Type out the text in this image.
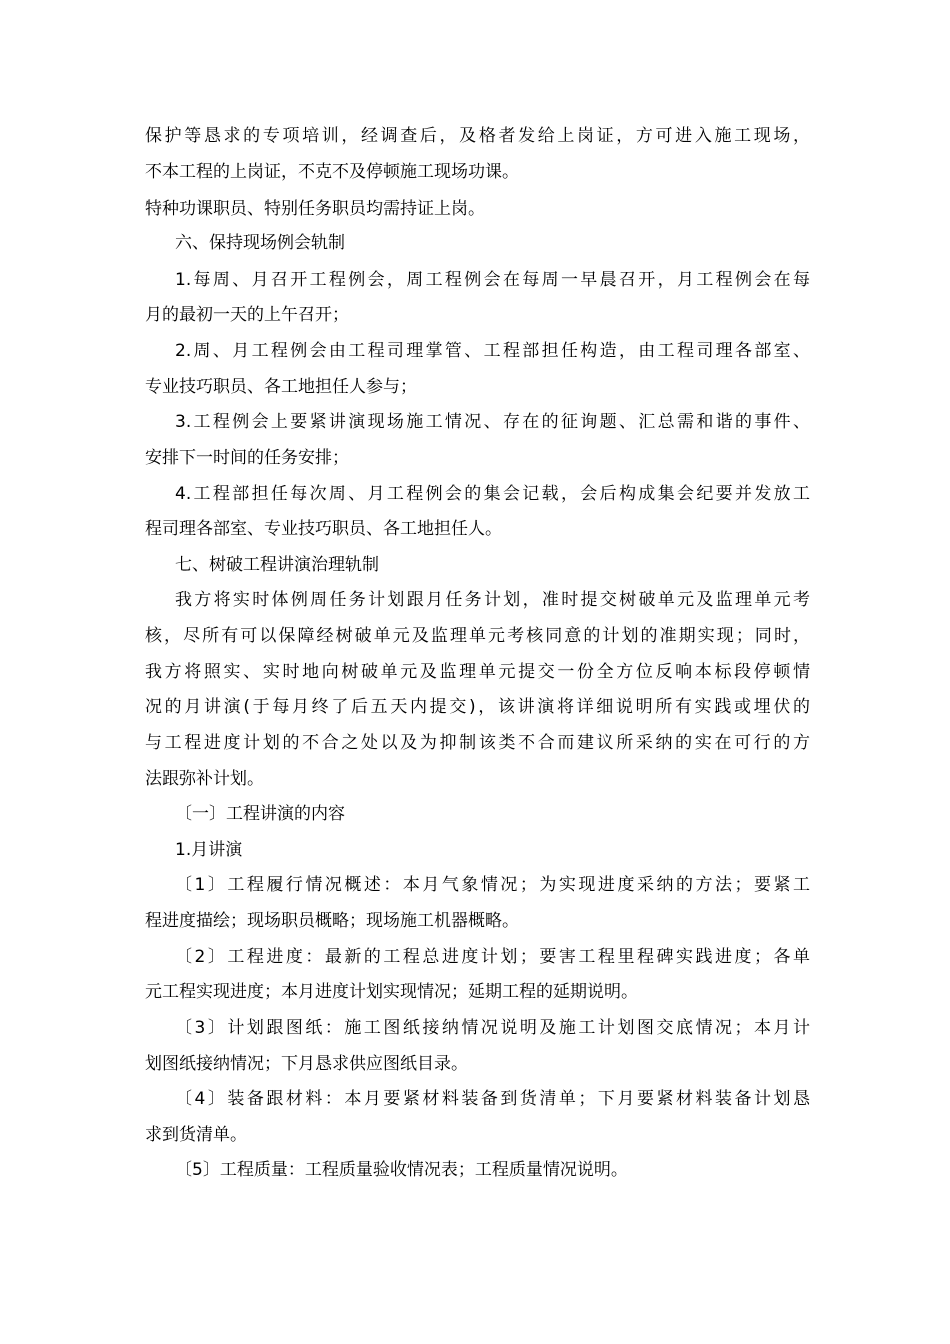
保护等恳求的专项培训，经调查后，及格者发给上岗证，方可进入施工现场，
不本工程的上岗证，不克不及停顿施工现场功课。
特种功课职员、特别任务职员均需持证上岗。
六、保持现场例会轨制
1.每周、月召开工程例会，周工程例会在每周一早晨召开，月工程例会在每
月的最初一天的上午召开；
2.周、月工程例会由工程司理掌管、工程部担任构造，由工程司理各部室、
专业技巧职员、各工地担任人参与；
3.工程例会上要紧讲演现场施工情况、存在的征询题、汇总需和谐的事件、
安排下一时间的任务安排；
4.工程部担任每次周、月工程例会的集会记载，会后构成集会纪要并发放工
程司理各部室、专业技巧职员、各工地担任人。
七、树破工程讲演治理轨制
我方将实时体例周任务计划跟月任务计划，准时提交树破单元及监理单元考
核，尽所有可以保障经树破单元及监理单元考核同意的计划的准期实现；同时，
我方将照实、实时地向树破单元及监理单元提交一份全方位反响本标段停顿情
况的月讲演(于每月终了后五天内提交)，该讲演将详细说明所有实践或埋伏的
与工程进度计划的不合之处以及为抑制该类不合而建议所采纳的实在可行的方
法跟弥补计划。
〔一〕工程讲演的内容
1.月讲演
〔1〕工程履行情况概述：本月气象情况；为实现进度采纳的方法；要紧工
程进度描绘；现场职员概略；现场施工机器概略。
〔2〕工程进度：最新的工程总进度计划；要害工程里程碑实践进度；各单
元工程实现进度；本月进度计划实现情况；延期工程的延期说明。
〔3〕计划跟图纸：施工图纸接纳情况说明及施工计划图交底情况；本月计
划图纸接纳情况；下月恳求供应图纸目录。
〔4〕装备跟材料：本月要紧材料装备到货清单；下月要紧材料装备计划恳
求到货清单。
〔5〕工程质量：工程质量验收情况表；工程质量情况说明。
